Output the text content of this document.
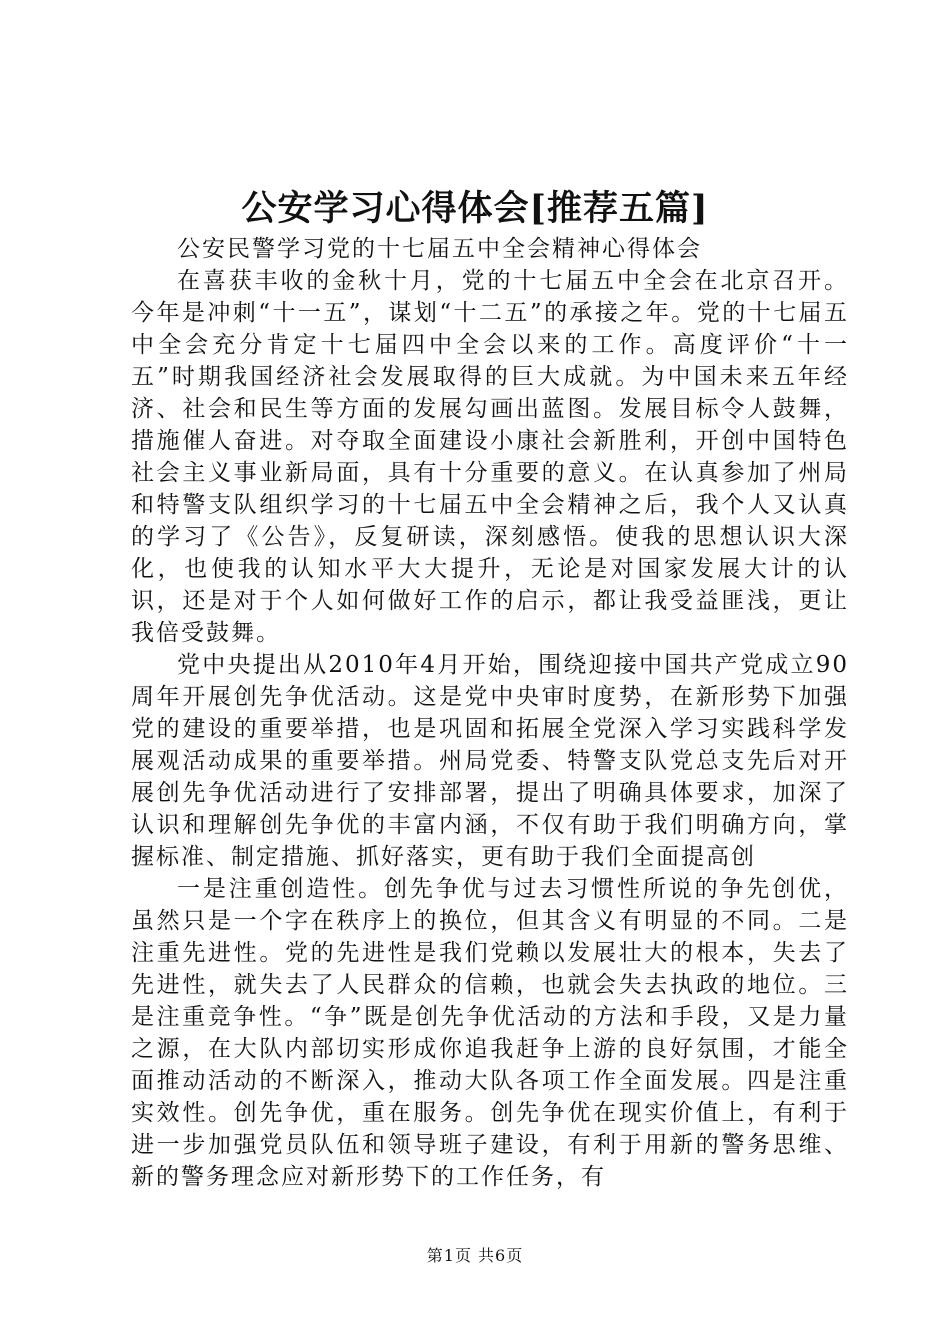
公安学习心得体会[推荐五篇]

公安民警学习党的十七届五中全会精神心得体会

在喜获丰收的金秋十月，党的十七届五中全会在北京召开。今年是冲刺“十一五”，谋划“十二五”的承接之年。党的十七届五中全会充分肯定十七届四中全会以来的工作。高度评价“十一五”时期我国经济社会发展取得的巨大成就。为中国未来五年经济、社会和民生等方面的发展勾画出蓝图。发展目标令人鼓舞，措施催人奋进。对夺取全面建设小康社会新胜利，开创中国特色社会主义事业新局面，具有十分重要的意义。在认真参加了州局和特警支队组织学习的十七届五中全会精神之后，我个人又认真的学习了《公告》，反复研读，深刻感悟。使我的思想认识大深化，也使我的认知水平大大提升，无论是对国家发展大计的认识，还是对于个人如何做好工作的启示，都让我受益匪浅，更让我倍受鼓舞。

党中央提出从2010年4月开始，围绕迎接中国共产党成立90周年开展创先争优活动。这是党中央审时度势，在新形势下加强党的建设的重要举措，也是巩固和拓展全党深入学习实践科学发展观活动成果的重要举措。州局党委、特警支队党总支先后对开展创先争优活动进行了安排部署，提出了明确具体要求，加深了认识和理解创先争优的丰富内涵，不仅有助于我们明确方向，掌握标准、制定措施、抓好落实，更有助于我们全面提高创

一是注重创造性。创先争优与过去习惯性所说的争先创优，虽然只是一个字在秩序上的换位，但其含义有明显的不同。二是注重先进性。党的先进性是我们党赖以发展壮大的根本，失去了先进性，就失去了人民群众的信赖，也就会失去执政的地位。三是注重竞争性。“争”既是创先争优活动的方法和手段，又是力量之源，在大队内部切实形成你追我赶争上游的良好氛围，才能全面推动活动的不断深入，推动大队各项工作全面发展。四是注重实效性。创先争优，重在服务。创先争优在现实价值上，有利于进一步加强党员队伍和领导班子建设，有利于用新的警务思维、新的警务理念应对新形势下的工作任务，有

第1页 共6页
